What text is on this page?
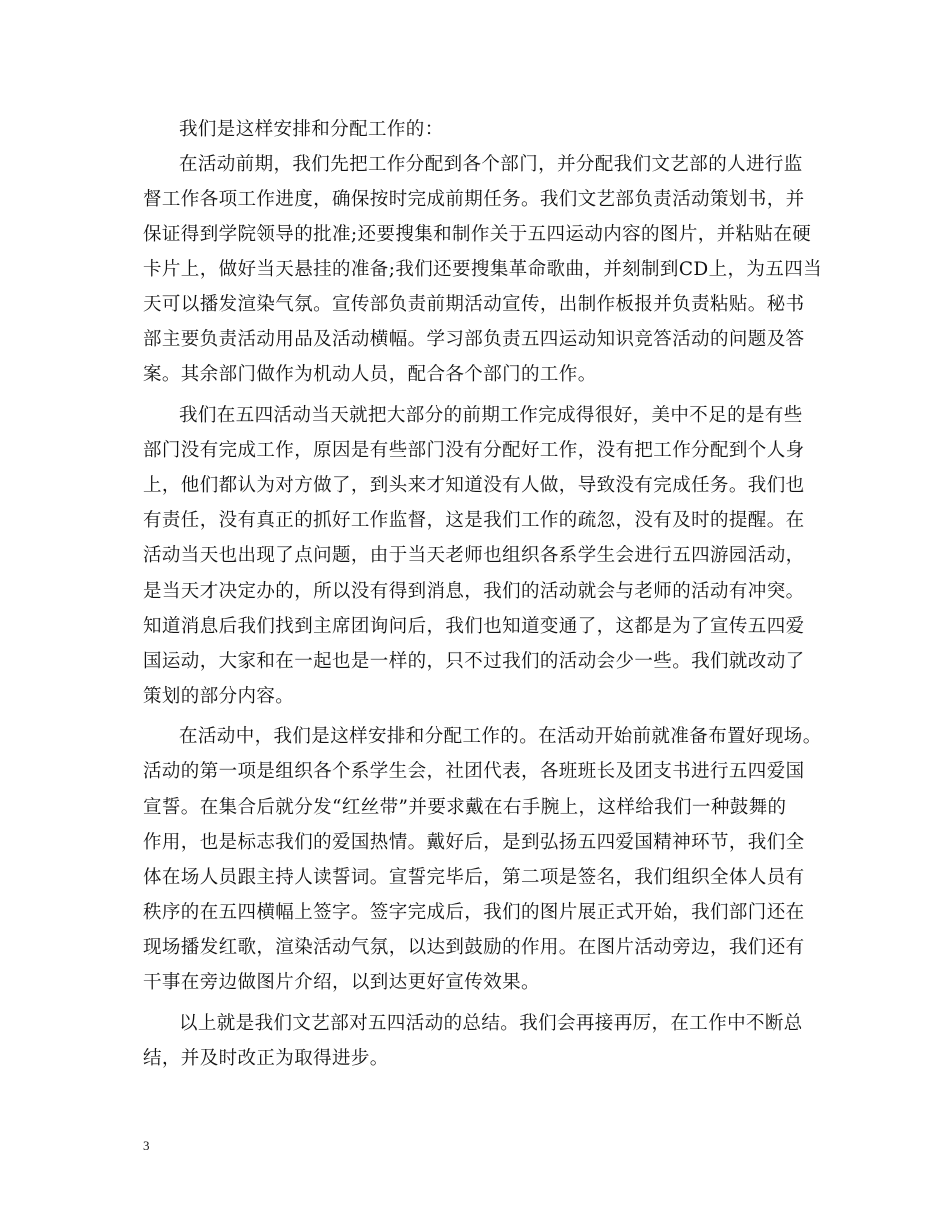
我们是这样安排和分配工作的：
在活动前期，我们先把工作分配到各个部门，并分配我们文艺部的人进行监
督工作各项工作进度，确保按时完成前期任务。我们文艺部负责活动策划书，并
保证得到学院领导的批准;还要搜集和制作关于五四运动内容的图片，并粘贴在硬
卡片上，做好当天悬挂的准备;我们还要搜集革命歌曲，并刻制到CD上，为五四当
天可以播发渲染气氛。宣传部负责前期活动宣传，出制作板报并负责粘贴。秘书
部主要负责活动用品及活动横幅。学习部负责五四运动知识竞答活动的问题及答
案。其余部门做作为机动人员，配合各个部门的工作。
我们在五四活动当天就把大部分的前期工作完成得很好，美中不足的是有些
部门没有完成工作，原因是有些部门没有分配好工作，没有把工作分配到个人身
上，他们都认为对方做了，到头来才知道没有人做，导致没有完成任务。我们也
有责任，没有真正的抓好工作监督，这是我们工作的疏忽，没有及时的提醒。在
活动当天也出现了点问题，由于当天老师也组织各系学生会进行五四游园活动，
是当天才决定办的，所以没有得到消息，我们的活动就会与老师的活动有冲突。
知道消息后我们找到主席团询问后，我们也知道变通了，这都是为了宣传五四爱
国运动，大家和在一起也是一样的，只不过我们的活动会少一些。我们就改动了
策划的部分内容。
在活动中，我们是这样安排和分配工作的。在活动开始前就准备布置好现场。
活动的第一项是组织各个系学生会，社团代表，各班班长及团支书进行五四爱国
宣誓。在集合后就分发“红丝带”并要求戴在右手腕上，这样给我们一种鼓舞的
作用，也是标志我们的爱国热情。戴好后，是到弘扬五四爱国精神环节，我们全
体在场人员跟主持人读誓词。宣誓完毕后，第二项是签名，我们组织全体人员有
秩序的在五四横幅上签字。签字完成后，我们的图片展正式开始，我们部门还在
现场播发红歌，渲染活动气氛，以达到鼓励的作用。在图片活动旁边，我们还有
干事在旁边做图片介绍，以到达更好宣传效果。
以上就是我们文艺部对五四活动的总结。我们会再接再厉，在工作中不断总
结，并及时改正为取得进步。
3
